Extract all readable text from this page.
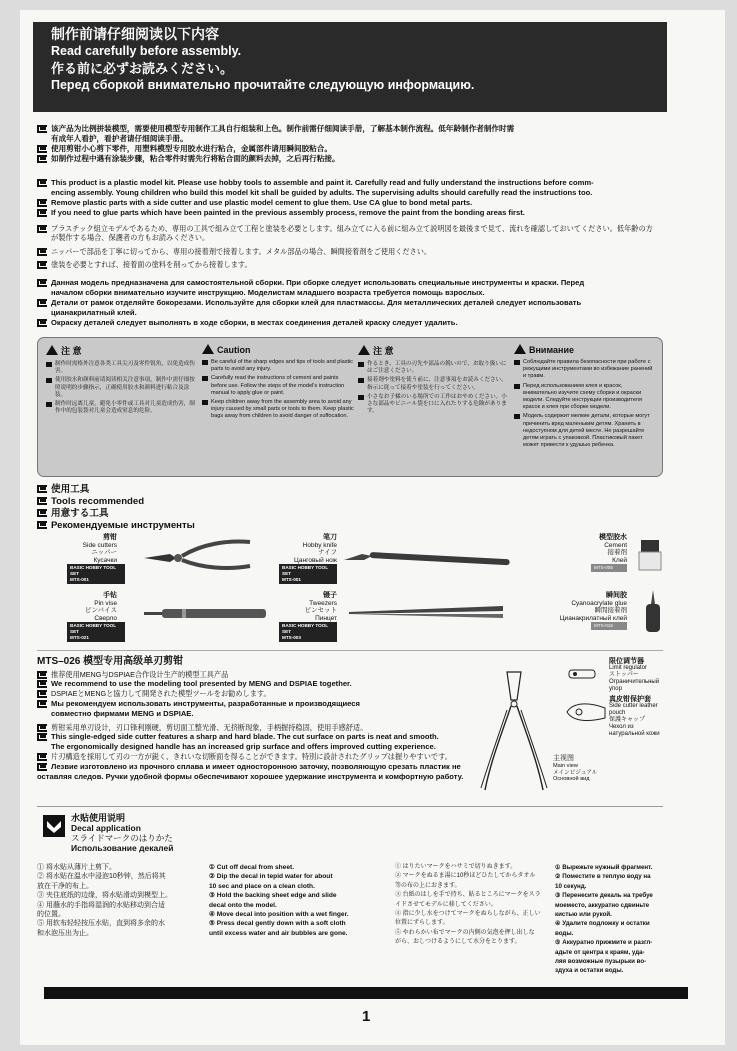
制作前请仔细阅读以下内容
Read carefully before assembly.
作る前に必ずお読みください。
Перед сборкой внимательно прочитайте следующую информацию.
该产品为比例拼装模型，需要使用模型专用制作工具自行组装和上色。制作前需仔细阅读手册，了解基本制作流程。低年龄制作者制作时需
有成年人看护，看护者请仔细阅读手册。
使用剪钳小心剪下零件，用塑料模型专用胶水进行粘合，金属部件请用瞬间胶粘合。
如制作过程中遇有涂装步骤，粘合零件时需先行将粘合面的颜料去掉，之后再行粘接。
This product is a plastic model kit. Please use hobby tools to assemble and paint it. Carefully read and fully understand the instructions before comm-
encing assembly. Young children who build this model kit shall be guided by adults. The supervising adults should carefully read the instructions too.
Remove plastic parts with a side cutter and use plastic model cement to glue them. Use CA glue to bond metal parts.
If you need to glue parts which have been painted in the previous assembly process, remove the paint from the bonding areas first.
プラスチック組立モデルであるため、専用の工具で組み立て工程と塗装を必要とします。組み立てに入る前に組み立て説明図を最後まで見て、流れを確認しておいてください。低年齢の方
が製作する場合、保護者の方もお読みください。
ニッパーで部品を丁寧に切ってから、専用の接着剤で接着します。メタル部品の場合、瞬間接着剤をご使用ください。
塗装を必要とすれば、接着面の塗料を削ってから接着します。
Данная модель предназначена для самостоятельной сборки. При сборке следует использовать специальные инструменты и краски. Перед
началом сборки внимательно изучите инструкцию. Моделистам младшего возраста требуется помощь взрослых.
Детали от рамок отделяйте бокорезами. Используйте для сборки клей для пластмассы. Для металлических деталей следует использовать
цианакрилатный клей.
Окраску деталей следует выполнять в ходе сборки, в местах соединения деталей краску следует удалить.
注 意
制作时需格外注意各类工具尖刃及零件锐角，以免造成伤害。
使用胶水和颜料前请阅读相关注意事项，制作中需仔细按照说明的步骤指示，正确使用胶水和颜料进行粘合及涂装。
制作时远离儿童，避免小零件或工具对儿童造成伤害，制作中的包装袋对儿童会造成窒息的危险。
Caution
Be careful of the sharp edges and tips of tools and plastic parts to avoid any injury.
Carefully read the instructions of cement and paints before use. Follow the steps of the model's instruction manual to apply glue or paint.
Keep children away from the assembly area to avoid any injury caused by small parts or tools to them. Keep plastic bags away from children to avoid danger of suffocation.
注 意
作るとき、工具の刃先や部品の鋭いので、お取り扱いにはご注意ください。
接着剤や塗料を使う前に、注意事項をお読みください。指示に従って接着や塗装を行ってください。
小さなお子様のいる場所での工作はおやめください。小さな部品やビニール袋を口に入れたりする危険があります。
Внимание
Соблюдайте правила безопасности при работе с режущими инструментами во избежание ранений и травм.
Перед использованием клея и красок, внимательно изучите схему сборки и окраски модели. Следуйте инструкции производителя красок и клея при сборке модели.
Модель содержит мелкие детали, которые могут причинить вред маленьким детям. Хранить в недоступном для детей месте. Не разрешайте детям играть с упаковкой. Пластиковый пакет может привести к удушью ребенка.
使用工具
Tools recommended
用意する工具
Рекомендуемые инструменты
剪钳
Side cutters
ニッパー
Кусачки
BASIC HOBBY TOOL SET
MTS-001
笔刀
Hobby knife
ナイフ
Цанговый нож
BASIC HOBBY TOOL SET
MTS-001
模型胶水
Cement
接着剤
Клей
MTS-005
手钻
Pin vise
ピンバイス
Сверло
BASIC HOBBY TOOL SET
MTS-021
镊子
Tweezers
ピンセット
Пинцет
BASIC HOBBY TOOL SET
MTS-003
瞬间胶
Cyanoacrylate glue
瞬間接着剤
Цианакрилатный клей
MTS-016
MTS–026 模型专用高级单刃剪钳
推荐使用MENG与DSPIAE合作设计生产的模型工具产品
We recommend to use the modeling tool presented by MENG and DSPIAE together.
DSPIAEとMENGと協力して開発された模型ツールをお勧めします。
Мы рекомендуем использовать инструменты, разработанные и производящиеся
совместно фирмами MENG и DSPIAE.
剪钳采用单刃设计，刃口锋利刚硬，剪切面工整光滑、无挤断现象，手柄握持稳固，使用手感舒适。
This single-edged side cutter features a sharp and hard blade. The cut surface on parts is neat and smooth.
The ergonomically designed handle has an increased grip surface and offers improved cutting experience.
片刃構造を採用して刃の一方が鋭く、きれいな切断面を得ることができます。特別に設計されたグリップは握りやすいです。
Лезвие изготовлено из прочного сплава и имеет односторонною заточку, позволяющую срезать пластик не
оставляя следов. Ручки удобной формы обеспечивают хорошее удержание инструмента и комфортную работу.
限位调节器
Limit regulator
ストッパー
Ограничительный упор
真皮钳保护套
Side cutter leather pouch
保護キャップ
Чехол из натуральной кожи
主视图
Main view
メインビジュアル
Основной вид
水贴使用说明
Decal application
スライドマークのはりかた
Использование декалей
① 将水贴从薄片上剪下。
② 将水贴在温水中浸泡10秒钟，然后将其
放在干净的布上。
③ 夹住底纸的边缘，将水贴滑动到模型上。
④ 用蘸水的手指将湿润的水贴移动到合适
的位置。
⑤ 用软布轻轻按压水贴，直到将多余的水
和水泡压出为止。
① Cut off decal from sheet.
② Dip the decal in tepid water for about
10 sec and place on a clean cloth.
③ Hold the backing sheet edge and slide
decal onto the model.
④ Move decal into position with a wet finger.
⑤ Press decal gently down with a soft cloth
until excess water and air bubbles are gone.
① はりたいマークをハサミで切りぬきます。
② マークをぬるま湯に10秒ほどひたしてからタオル
等の布の上におきます。
③ 台紙のはしを手で持ち、貼るところにマークをスラ
イドさせてモデルに移してください。
④ 指に少し水をつけてマークをぬらしながら、正しい
位置にずらします。
⑤ やわらかい布でマークの内側の気泡を押し出しな
がら、おしつけるようにして水分をとります。
① Вырежьте нужный фрагмент.
② Поместите в теплую воду на
10 секунд.
③ Перенесите декаль на требуе
моеместо, аккуратно сдвиньте
кистью или рукой.
④ Удалите подложку и остатки
воды.
⑤ Аккуратно прижмите и разгл-
адьте от центра к краям, уда-
ляя возможные пузырьки во-
здуха и остатки воды.
1
